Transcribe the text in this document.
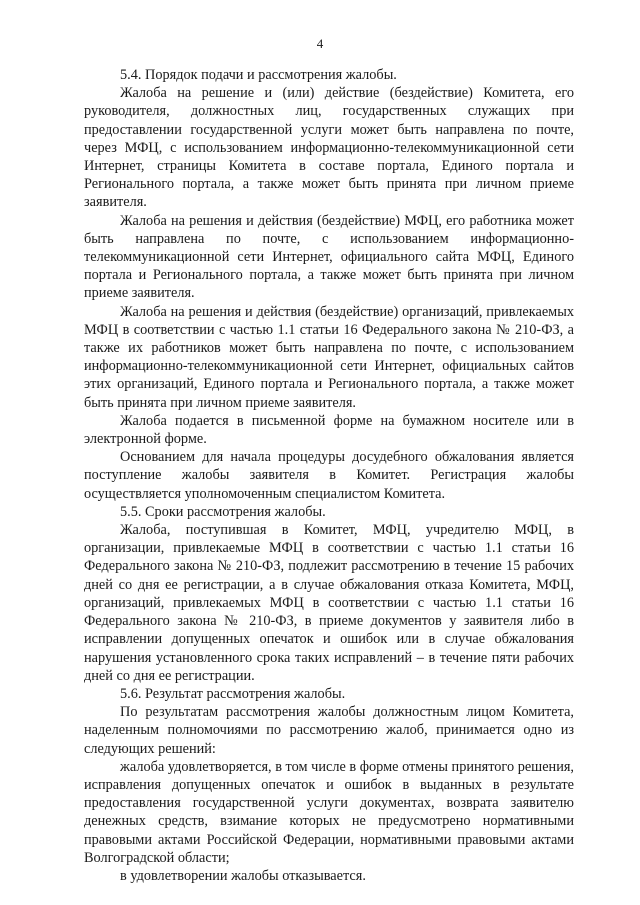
4

5.4. Порядок подачи и рассмотрения жалобы.

Жалоба на решение и (или) действие (бездействие) Комитета, его руководителя, должностных лиц, государственных служащих при предоставлении государственной услуги может быть направлена по почте, через МФЦ, с использованием информационно-телекоммуникационной сети Интернет, страницы Комитета в составе портала, Единого портала и Регионального портала, а также может быть принята при личном приеме заявителя.

Жалоба на решения и действия (бездействие) МФЦ, его работника может быть направлена по почте, с использованием информационно-телекоммуникационной сети Интернет, официального сайта МФЦ, Единого портала и Регионального портала, а также может быть принята при личном приеме заявителя.

Жалоба на решения и действия (бездействие) организаций, привлекаемых МФЦ в соответствии с частью 1.1 статьи 16 Федерального закона № 210-ФЗ, а также их работников может быть направлена по почте, с использованием информационно-телекоммуникационной сети Интернет, официальных сайтов этих организаций, Единого портала и Регионального портала, а также может быть принята при личном приеме заявителя.

Жалоба подается в письменной форме на бумажном носителе или в электронной форме.

Основанием для начала процедуры досудебного обжалования является поступление жалобы заявителя в Комитет. Регистрация жалобы осуществляется уполномоченным специалистом Комитета.

5.5. Сроки рассмотрения жалобы.

Жалоба, поступившая в Комитет, МФЦ, учредителю МФЦ, в организации, привлекаемые МФЦ в соответствии с частью 1.1 статьи 16 Федерального закона № 210-ФЗ, подлежит рассмотрению в течение 15 рабочих дней со дня ее регистрации, а в случае обжалования отказа Комитета, МФЦ, организаций, привлекаемых МФЦ в соответствии с частью 1.1 статьи 16 Федерального закона № 210-ФЗ, в приеме документов у заявителя либо в исправлении допущенных опечаток и ошибок или в случае обжалования нарушения установленного срока таких исправлений – в течение пяти рабочих дней со дня ее регистрации.

5.6. Результат рассмотрения жалобы.

По результатам рассмотрения жалобы должностным лицом Комитета, наделенным полномочиями по рассмотрению жалоб, принимается одно из следующих решений:

жалоба удовлетворяется, в том числе в форме отмены принятого решения, исправления допущенных опечаток и ошибок в выданных в результате предоставления государственной услуги документах, возврата заявителю денежных средств, взимание которых не предусмотрено нормативными правовыми актами Российской Федерации, нормативными правовыми актами Волгоградской области;

в удовлетворении жалобы отказывается.
